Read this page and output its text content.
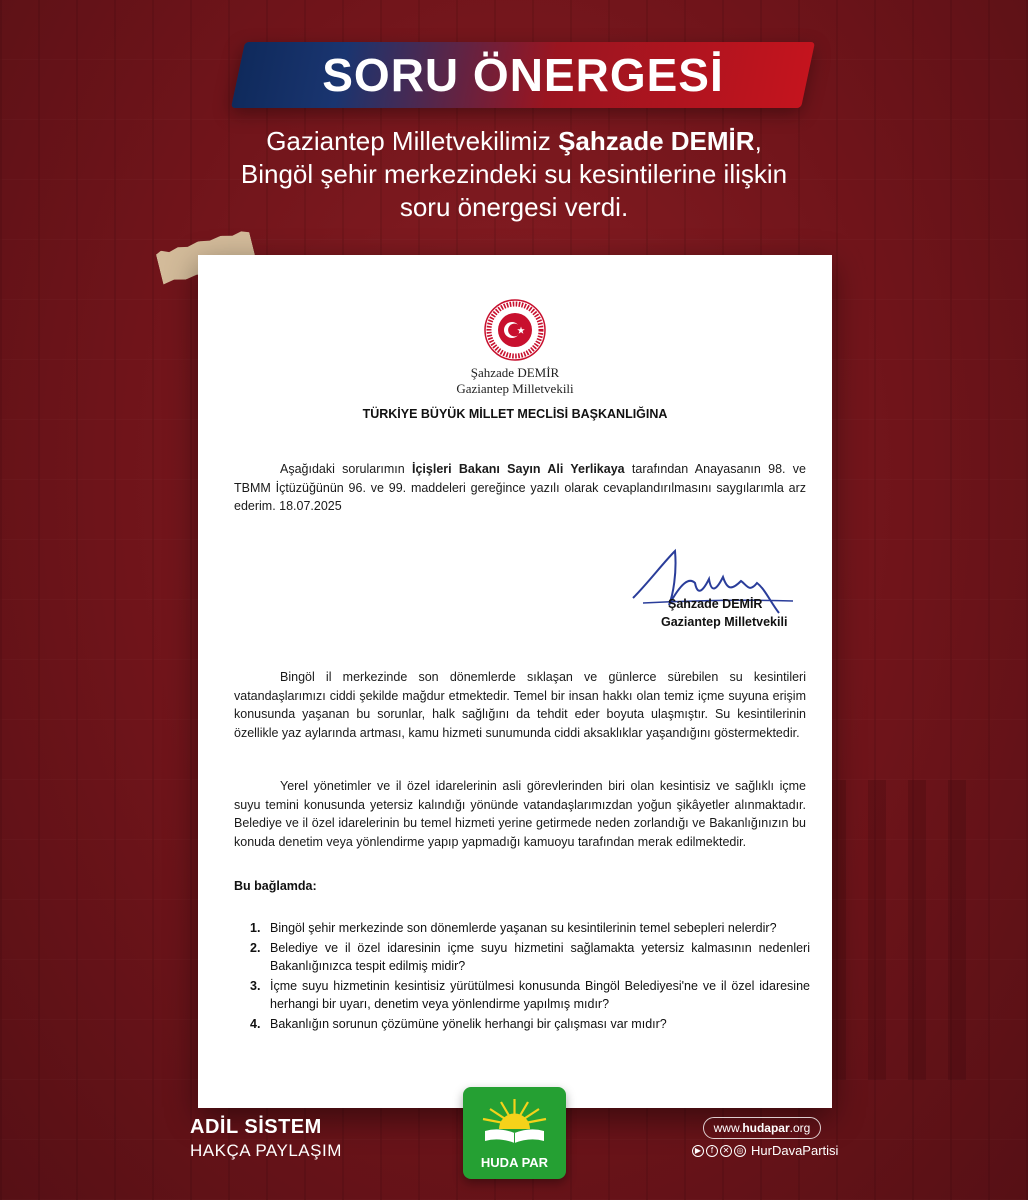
SORU ÖNERGESİ
Gaziantep Milletvekilimiz Şahzade DEMİR,
Bingöl şehir merkezindeki su kesintilerine ilişkin
soru önergesi verdi.
Şahzade DEMİR
Gaziantep Milletvekili
TÜRKİYE BÜYÜK MİLLET MECLİSİ BAŞKANLIĞINA

Aşağıdaki sorularımın İçişleri Bakanı Sayın Ali Yerlikaya tarafından Anayasanın 98. ve TBMM İçtüzüğünün 96. ve 99. maddeleri gereğince yazılı olarak cevaplandırılmasını saygılarımla arz ederim. 18.07.2025

Şahzade DEMİR
Gaziantep Milletvekili

Bingöl il merkezinde son dönemlerde sıklaşan ve günlerce sürebilen su kesintileri vatandaşlarımızı ciddi şekilde mağdur etmektedir. Temel bir insan hakkı olan temiz içme suyuna erişim konusunda yaşanan bu sorunlar, halk sağlığını da tehdit eder boyuta ulaşmıştır. Su kesintilerinin özellikle yaz aylarında artması, kamu hizmeti sunumunda ciddi aksaklıklar yaşandığını göstermektedir.

Yerel yönetimler ve il özel idarelerinin asli görevlerinden biri olan kesintisiz ve sağlıklı içme suyu temini konusunda yetersiz kalındığı yönünde vatandaşlarımızdan yoğun şikâyetler alınmaktadır. Belediye ve il özel idarelerinin bu temel hizmeti yerine getirmede neden zorlandığı ve Bakanlığınızın bu konuda denetim veya yönlendirme yapıp yapmadığı kamuoyu tarafından merak edilmektedir.

Bu bağlamda:
1. Bingöl şehir merkezinde son dönemlerde yaşanan su kesintilerinin temel sebepleri nelerdir?
2. Belediye ve il özel idaresinin içme suyu hizmetini sağlamakta yetersiz kalmasının nedenleri Bakanlığınızca tespit edilmiş midir?
3. İçme suyu hizmetinin kesintisiz yürütülmesi konusunda Bingöl Belediyesi'ne ve il özel idaresine herhangi bir uyarı, denetim veya yönlendirme yapılmış mıdır?
4. Bakanlığın sorunun çözümüne yönelik herhangi bir çalışması var mıdır?
ADİL SİSTEM
HAKÇA PAYLAŞIM
HUDA PAR
www. hudapar .org
▶	f	✕ ◎ HurDavaPartisi
